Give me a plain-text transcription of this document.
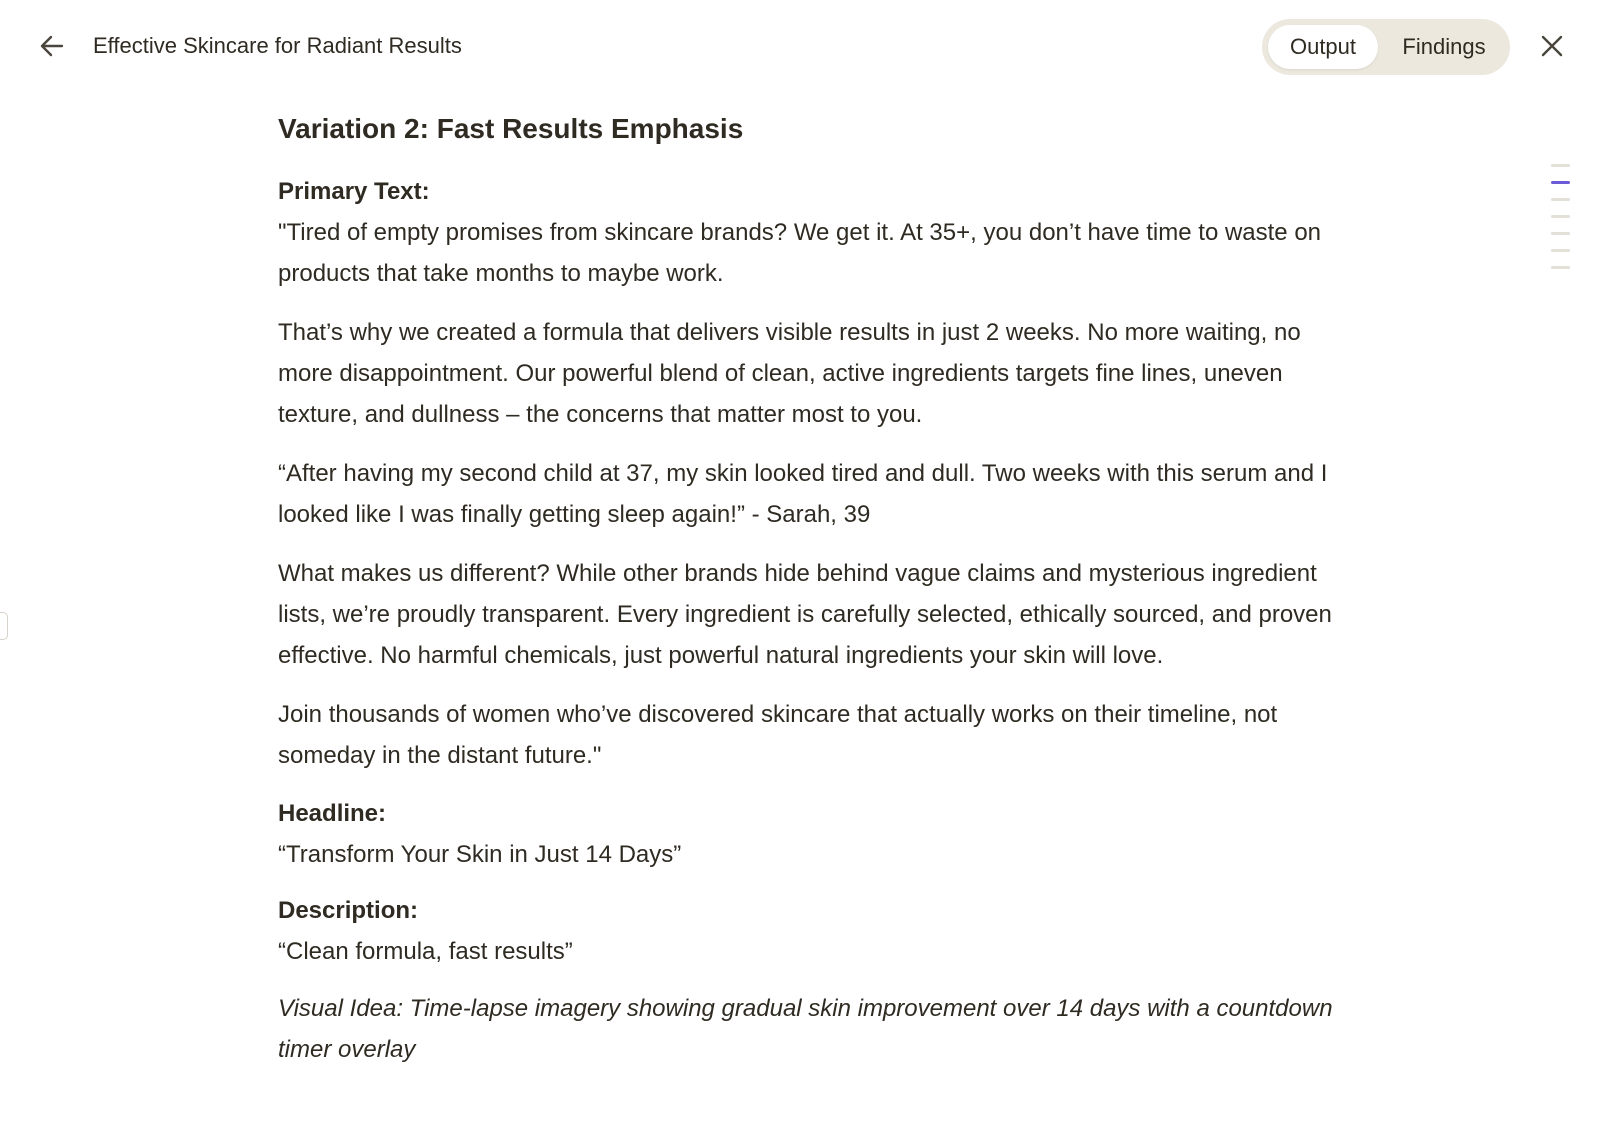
Effective Skincare for Radiant Results	Output	Findings
Variation 2: Fast Results Emphasis
Primary Text:

"Tired of empty promises from skincare brands? We get it. At 35+, you don’t have time to waste on products that take months to maybe work.

That’s why we created a formula that delivers visible results in just 2 weeks. No more waiting, no more disappointment. Our powerful blend of clean, active ingredients targets fine lines, uneven texture, and dullness – the concerns that matter most to you.

“After having my second child at 37, my skin looked tired and dull. Two weeks with this serum and I looked like I was finally getting sleep again!” - Sarah, 39

What makes us different? While other brands hide behind vague claims and mysterious ingredient lists, we’re proudly transparent. Every ingredient is carefully selected, ethically sourced, and proven effective. No harmful chemicals, just powerful natural ingredients your skin will love.

Join thousands of women who’ve discovered skincare that actually works on their timeline, not someday in the distant future."

Headline:

“Transform Your Skin in Just 14 Days”

Description:

“Clean formula, fast results”

Visual Idea: Time-lapse imagery showing gradual skin improvement over 14 days with a countdown timer overlay
